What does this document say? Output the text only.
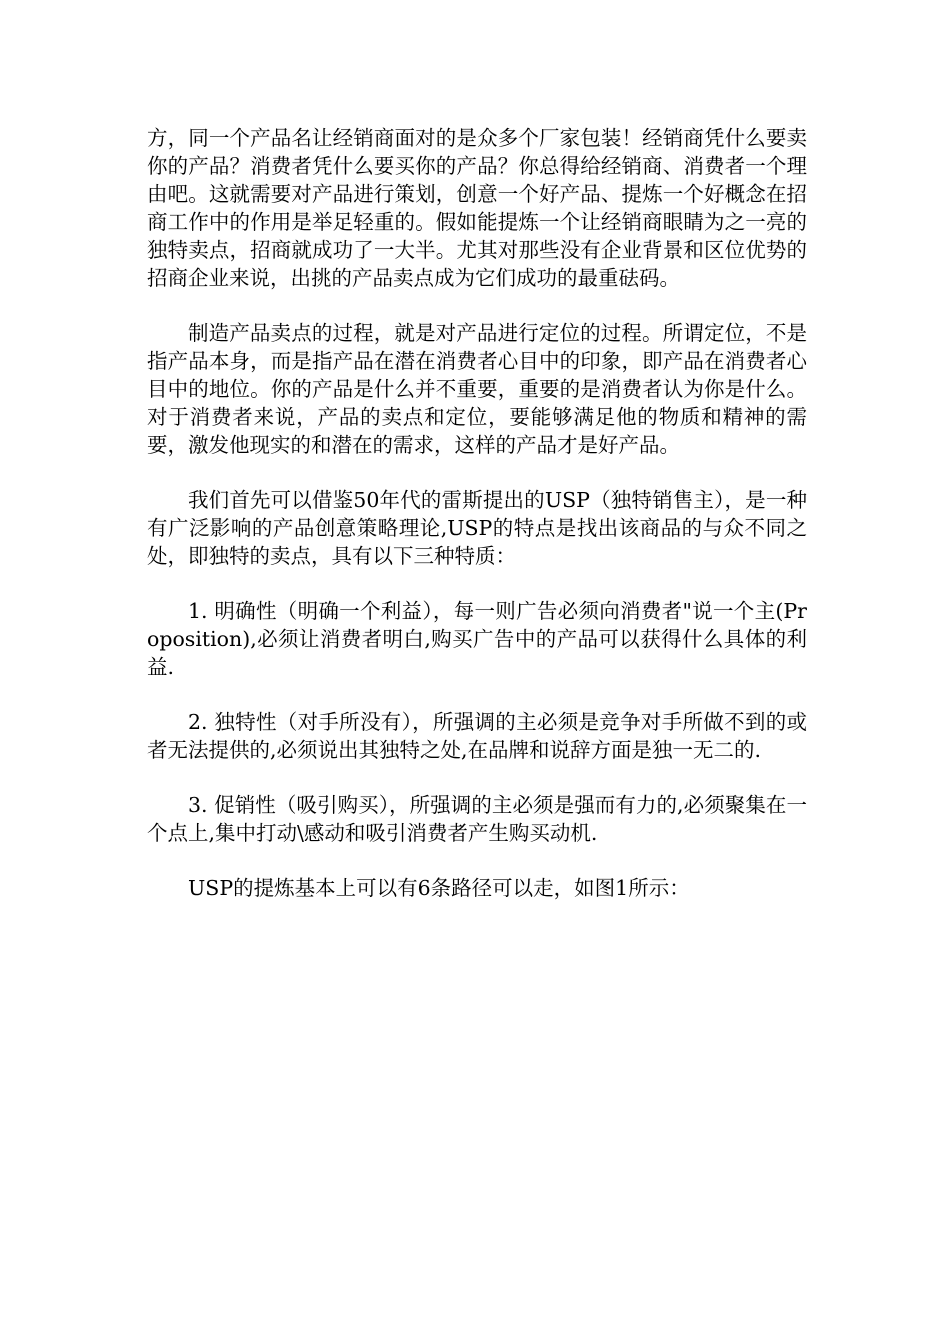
方，同一个产品名让经销商面对的是众多个厂家包装！经销商凭什么要卖你的产品？消费者凭什么要买你的产品？你总得给经销商、消费者一个理由吧。这就需要对产品进行策划，创意一个好产品、提炼一个好概念在招商工作中的作用是举足轻重的。假如能提炼一个让经销商眼睛为之一亮的独特卖点，招商就成功了一大半。尤其对那些没有企业背景和区位优势的招商企业来说，出挑的产品卖点成为它们成功的最重砝码。

制造产品卖点的过程，就是对产品进行定位的过程。所谓定位，不是指产品本身，而是指产品在潜在消费者心目中的印象，即产品在消费者心目中的地位。你的产品是什么并不重要，重要的是消费者认为你是什么。对于消费者来说，产品的卖点和定位，要能够满足他的物质和精神的需要，激发他现实的和潜在的需求，这样的产品才是好产品。

我们首先可以借鉴50年代的雷斯提出的USP（独特销售主），是一种有广泛影响的产品创意策略理论,USP的特点是找出该商品的与众不同之处，即独特的卖点，具有以下三种特质：

1. 明确性（明确一个利益），每一则广告必须向消费者"说一个主(Proposition),必须让消费者明白,购买广告中的产品可以获得什么具体的利益.

2. 独特性（对手所没有），所强调的主必须是竞争对手所做不到的或者无法提供的,必须说出其独特之处,在品牌和说辞方面是独一无二的.

3. 促销性（吸引购买），所强调的主必须是强而有力的,必须聚集在一个点上,集中打动\感动和吸引消费者产生购买动机.

USP的提炼基本上可以有6条路径可以走，如图1所示：
